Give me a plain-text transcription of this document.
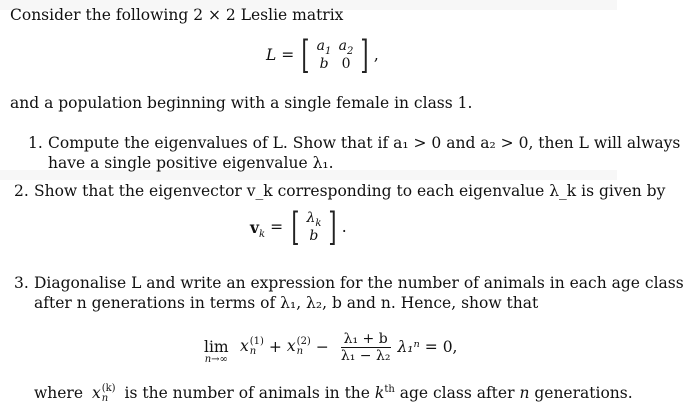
Consider the following 2 × 2 Leslie matrix
L = [ $a_1$ $a_2$
b 0 ] ,
and a population beginning with a single female in class 1.
1. Compute the eigenvalues of L. Show that if a₁ > 0 and a₂ > 0, then L will always
have a single positive eigenvalue λ₁.
2. Show that the eigenvector v_k corresponding to each eigenvalue λ_k is given by
$v_k$ = [ $\lambda_k$
b ] .
3. Diagonalise L and write an expression for the number of animals in each age class
after n generations in terms of λ₁, λ₂, b and n. Hence, show that
lim
n→∞
x (1)
n + x (2)
$n - \frac{\text{λ₁ + b}}{\text{λ₁ − λ₂}} \lambda_1^n = 0$,
where x (k)
n	is the number of animals in the $k^{th}$ age class after n generations.
